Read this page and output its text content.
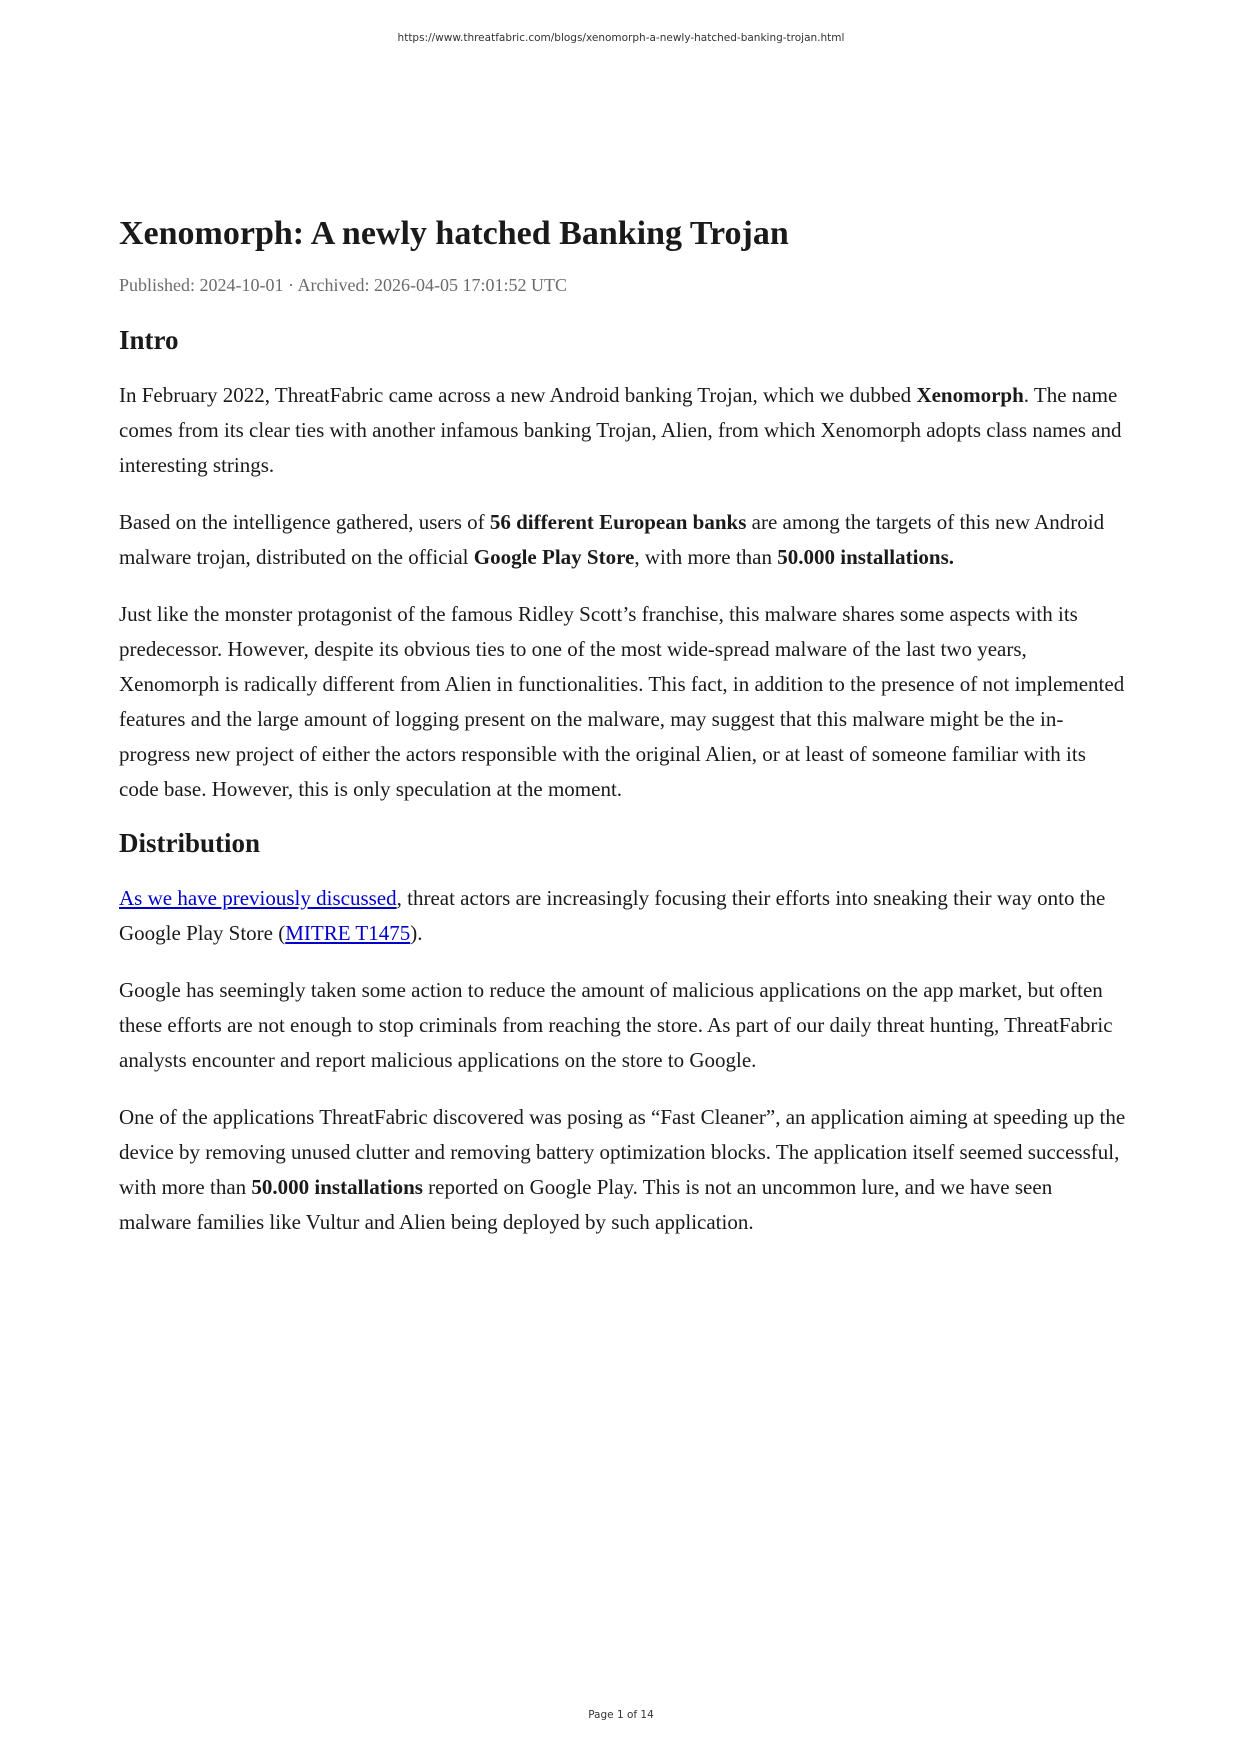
https://www.threatfabric.com/blogs/xenomorph-a-newly-hatched-banking-trojan.html
Xenomorph: A newly hatched Banking Trojan
Published: 2024-10-01 · Archived: 2026-04-05 17:01:52 UTC
Intro

In February 2022, ThreatFabric came across a new Android banking Trojan, which we dubbed Xenomorph. The name comes from its clear ties with another infamous banking Trojan, Alien, from which Xenomorph adopts class names and interesting strings.

Based on the intelligence gathered, users of 56 different European banks are among the targets of this new Android malware trojan, distributed on the official Google Play Store, with more than 50.000 installations.

Just like the monster protagonist of the famous Ridley Scott’s franchise, this malware shares some aspects with its predecessor. However, despite its obvious ties to one of the most wide-spread malware of the last two years, Xenomorph is radically different from Alien in functionalities. This fact, in addition to the presence of not implemented features and the large amount of logging present on the malware, may suggest that this malware might be the in-progress new project of either the actors responsible with the original Alien, or at least of someone familiar with its code base. However, this is only speculation at the moment.

Distribution

As we have previously discussed, threat actors are increasingly focusing their efforts into sneaking their way onto the Google Play Store (MITRE T1475).

Google has seemingly taken some action to reduce the amount of malicious applications on the app market, but often these efforts are not enough to stop criminals from reaching the store. As part of our daily threat hunting, ThreatFabric analysts encounter and report malicious applications on the store to Google.

One of the applications ThreatFabric discovered was posing as “Fast Cleaner”, an application aiming at speeding up the device by removing unused clutter and removing battery optimization blocks. The application itself seemed successful, with more than 50.000 installations reported on Google Play. This is not an uncommon lure, and we have seen malware families like Vultur and Alien being deployed by such application.

Page 1 of 14
